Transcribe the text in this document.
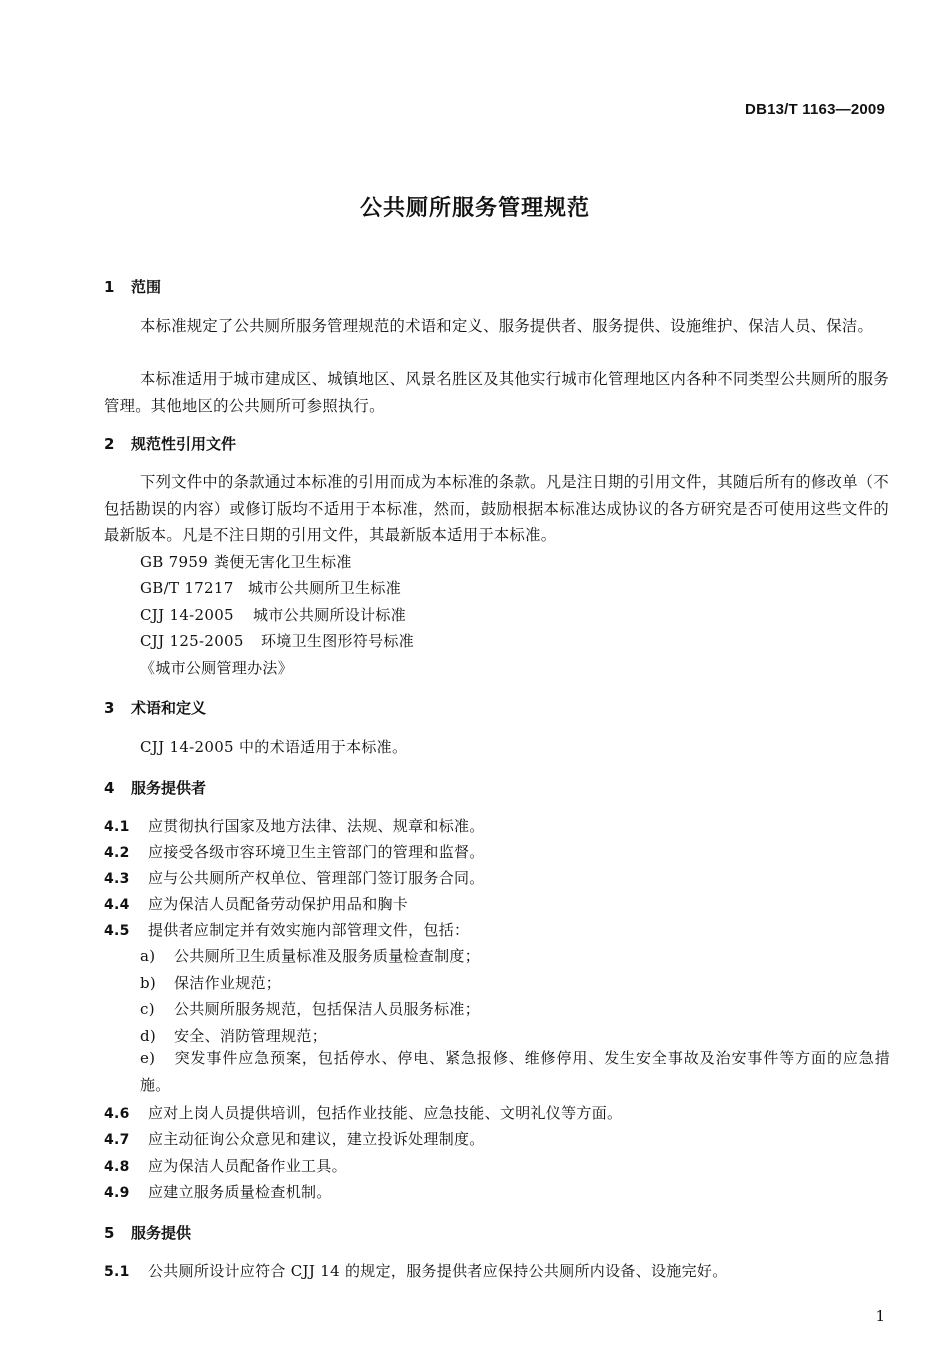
DB13/T 1163—2009
公共厕所服务管理规范
1 范围
本标准规定了公共厕所服务管理规范的术语和定义、服务提供者、服务提供、设施维护、保洁人员、保洁。
本标准适用于城市建成区、城镇地区、风景名胜区及其他实行城市化管理地区内各种不同类型公共厕所的服务管理。其他地区的公共厕所可参照执行。
2 规范性引用文件
下列文件中的条款通过本标准的引用而成为本标准的条款。凡是注日期的引用文件，其随后所有的修改单（不包括勘误的内容）或修订版均不适用于本标准，然而，鼓励根据本标准达成协议的各方研究是否可使用这些文件的最新版本。凡是不注日期的引用文件，其最新版本适用于本标准。
GB 7959 粪便无害化卫生标准
GB/T 17217 城市公共厕所卫生标准
CJJ 14-2005 城市公共厕所设计标准
CJJ 125-2005 环境卫生图形符号标准
《城市公厕管理办法》
3 术语和定义
CJJ 14-2005 中的术语适用于本标准。
4 服务提供者
4.1 应贯彻执行国家及地方法律、法规、规章和标准。
4.2 应接受各级市容环境卫生主管部门的管理和监督。
4.3 应与公共厕所产权单位、管理部门签订服务合同。
4.4 应为保洁人员配备劳动保护用品和胸卡
4.5 提供者应制定并有效实施内部管理文件，包括：
a) 公共厕所卫生质量标准及服务质量检查制度；
b) 保洁作业规范；
c) 公共厕所服务规范，包括保洁人员服务标准；
d) 安全、消防管理规范；
e) 突发事件应急预案，包括停水、停电、紧急报修、维修停用、发生安全事故及治安事件等方面的应急措施。
4.6 应对上岗人员提供培训，包括作业技能、应急技能、文明礼仪等方面。
4.7 应主动征询公众意见和建议，建立投诉处理制度。
4.8 应为保洁人员配备作业工具。
4.9 应建立服务质量检查机制。
5 服务提供
5.1 公共厕所设计应符合 CJJ 14 的规定，服务提供者应保持公共厕所内设备、设施完好。
1
